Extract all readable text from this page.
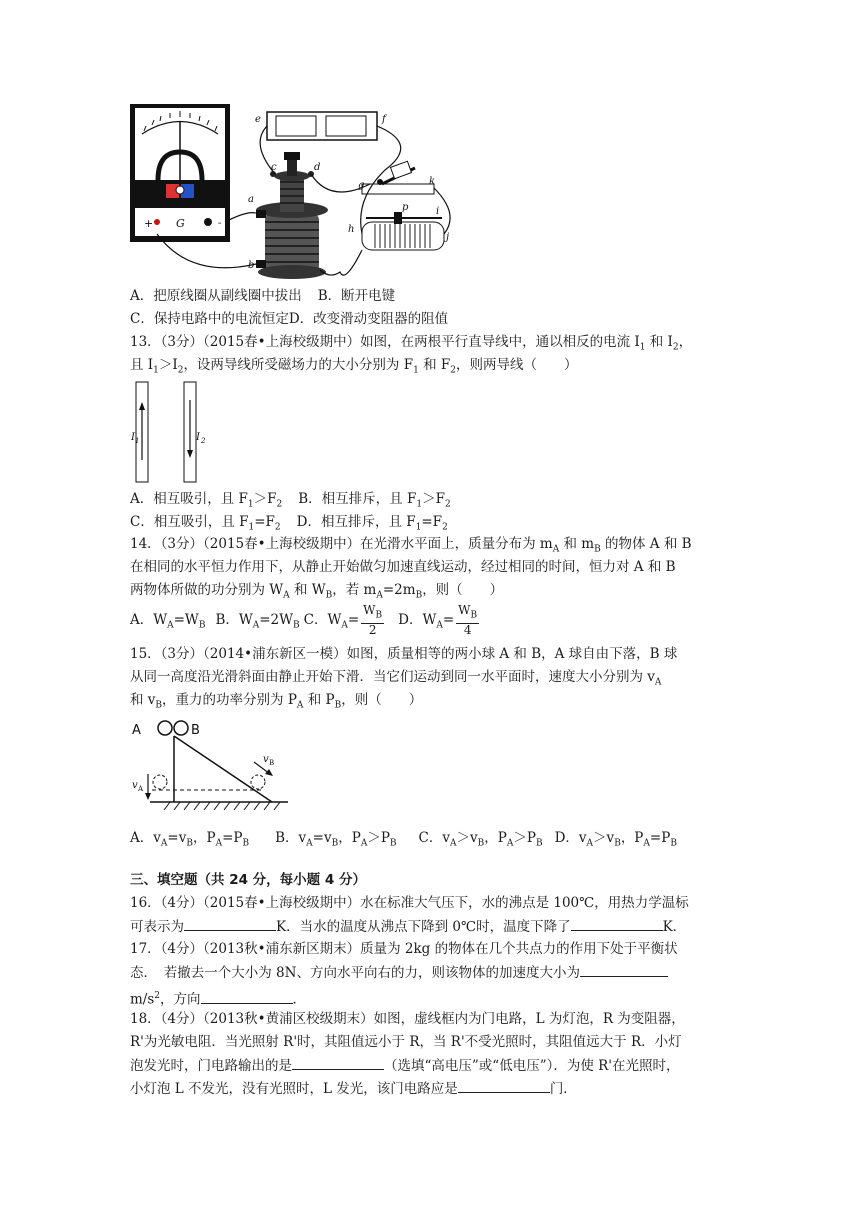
+ G	-
c	d
a
b
e	f
g	k
h
i
j
p
A．把原线圈从副线圈中拔出 B．断开电键
C．保持电路中的电流恒定D．改变滑动变阻器的阻值
13．（3分）（2015春•上海校级期中）如图，在两根平行直导线中，通以相反的电流 $I_1$ 和 $I_2$，
且 $I_1>I_2$，设两导线所受磁场力的大小分别为 $F_1$ 和 $F_2$，则两导线（　　）
I 1	I 2
A．相互吸引，且 $F_1>F_2$ B．相互排斥，且 $F_1>F_2$
C．相互吸引，且 $F_1=F_2$ D．相互排斥，且 $F_1=F_2$
14．（3分）（2015春•上海校级期中）在光滑水平面上，质量分布为 $m_A$ 和 $m_B$ 的物体 A 和 B
在相同的水平恒力作用下，从静止开始做匀加速直线运动，经过相同的时间，恒力对 A 和 B
两物体所做的功分别为 $W_A$ 和 $W_B$，若 $m_A=2m_B$，则（　　）
A．$W_A=W_B$ B．$W_A=2W_B$ C．$W_A= \frac{W_B}{2}$ D．$W_A= \frac{W_B}{4}$
15．（3分）（2014•浦东新区一模）如图，质量相等的两小球 A 和 B，A 球自由下落，B 球
从同一高度沿光滑斜面由静止开始下滑．当它们运动到同一水平面时，速度大小分别为 $v_A$
和 $v_B$，重力的功率分别为 $P_A$ 和 $P_B$，则（　　）
A	B
v A
v B
A．$v_A=v_B$，$P_A=P_B$ B．$v_A=v_B$，$P_A>P_B$ C．$v_A>v_B$，$P_A>P_B$ D．$v_A>v_B$，$P_A=P_B$
三、填空题（共 24 分，每小题 4 分）
16．（4分）（2015春•上海校级期中）水在标准大气压下，水的沸点是 100℃，用热力学温标
可表示为	K．当水的温度从沸点下降到 0℃时，温度下降了	K．
17．（4分）（2013秋•浦东新区期末）质量为 2kg 的物体在几个共点力的作用下处于平衡状
态．　若撤去一个大小为 8N、方向水平向右的力，则该物体的加速度大小为
$m/s^2$，方向	．
18．（4分）（2013秋•黄浦区校级期末）如图，虚线框内为门电路，L 为灯泡，R 为变阻器，
R'为光敏电阻．当光照射 R'时，其阻值远小于 R，当 R'不受光照时，其阻值远大于 R．小灯
泡发光时，门电路输出的是	（选填“高电压”或“低电压”）．为使 R'在光照时，
小灯泡 L 不发光，没有光照时，L 发光，该门电路应是	门．
